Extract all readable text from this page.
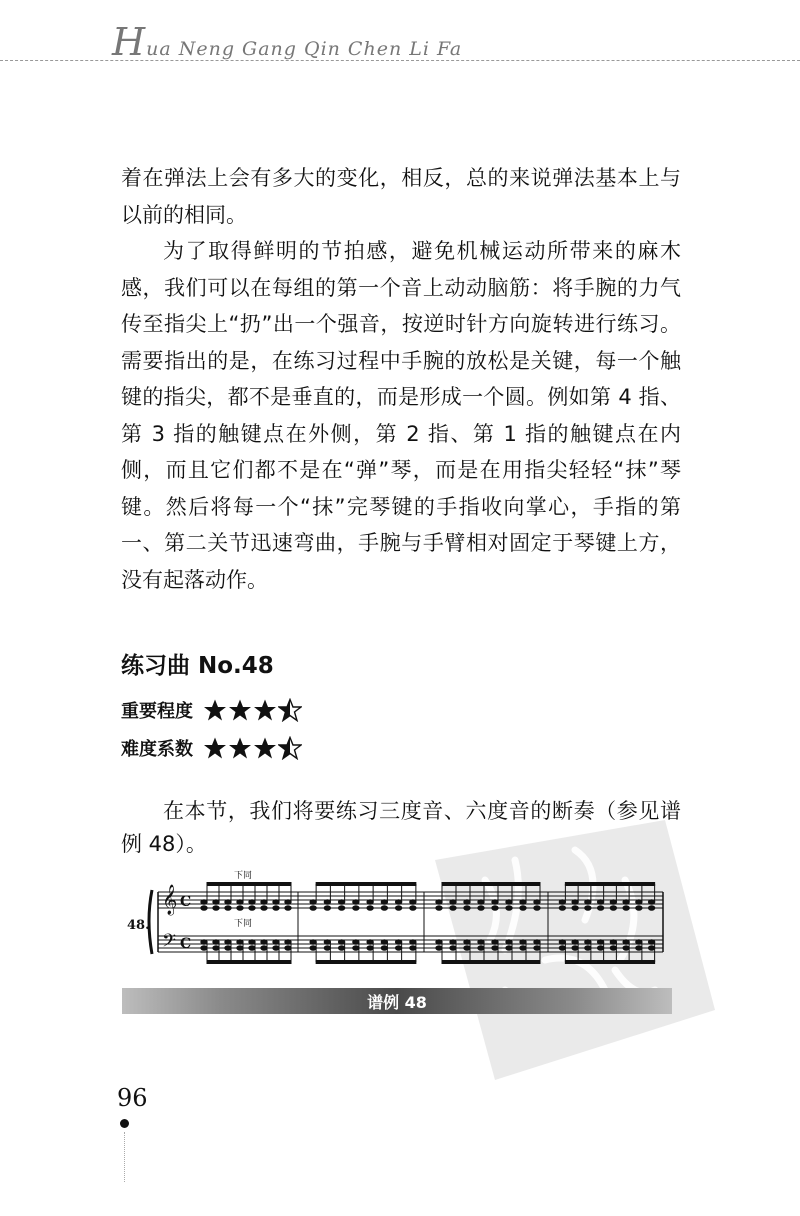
Hua Neng Gang Qin Chen Li Fa

着在弹法上会有多大的变化，相反，总的来说弹法基本上与以前的相同。

为了取得鲜明的节拍感，避免机械运动所带来的麻木感，我们可以在每组的第一个音上动动脑筋：将手腕的力气传至指尖上“扔”出一个强音，按逆时针方向旋转进行练习。需要指出的是，在练习过程中手腕的放松是关键，每一个触键的指尖，都不是垂直的，而是形成一个圆。例如第 4 指、第 3 指的触键点在外侧，第 2 指、第 1 指的触键点在内侧，而且它们都不是在“弹”琴，而是在用指尖轻轻“抹”琴键。然后将每一个“抹”完琴键的手指收向掌心，手指的第一、第二关节迅速弯曲，手腕与手臂相对固定于琴键上方，没有起落动作。

练习曲 No.48
重要程度
难度系数

在本节，我们将要练习三度音、六度音的断奏（参见谱例 48）。

𝄞
𝄢
C
C
下同
下同
48.
谱例 48
96
